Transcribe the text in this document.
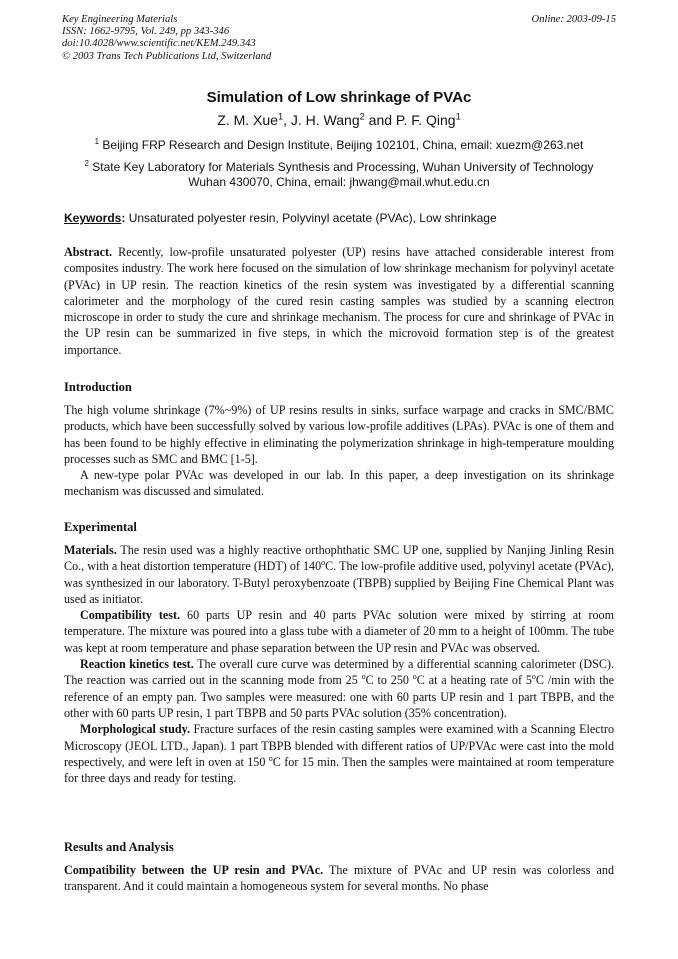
Key Engineering Materials
ISSN: 1662-9795, Vol. 249, pp 343-346
doi:10.4028/www.scientific.net/KEM.249.343
© 2003 Trans Tech Publications Ltd, Switzerland
Online: 2003-09-15
Simulation of Low shrinkage of PVAc
Z. M. Xue$^1$, J. H. Wang$^2$ and P. F. Qing$^1$
$^1$ Beijing FRP Research and Design Institute, Beijing 102101, China, email: xuezm@263.net
$^2$ State Key Laboratory for Materials Synthesis and Processing, Wuhan University of Technology
Wuhan 430070, China, email: jhwang@mail.whut.edu.cn
Keywords: Unsaturated polyester resin, Polyvinyl acetate (PVAc), Low shrinkage

Abstract. Recently, low-profile unsaturated polyester (UP) resins have attached considerable interest from composites industry. The work here focused on the simulation of low shrinkage mechanism for polyvinyl acetate (PVAc) in UP resin. The reaction kinetics of the resin system was investigated by a differential scanning calorimeter and the morphology of the cured resin casting samples was studied by a scanning electron microscope in order to study the cure and shrinkage mechanism. The process for cure and shrinkage of PVAc in the UP resin can be summarized in five steps, in which the microvoid formation step is of the greatest importance.

Introduction

The high volume shrinkage (7%~9%) of UP resins results in sinks, surface warpage and cracks in SMC/BMC products, which have been successfully solved by various low-profile additives (LPAs). PVAc is one of them and has been found to be highly effective in eliminating the polymerization shrinkage in high-temperature moulding processes such as SMC and BMC [1-5].

A new-type polar PVAc was developed in our lab. In this paper, a deep investigation on its shrinkage mechanism was discussed and simulated.

Experimental

Materials. The resin used was a highly reactive orthophthatic SMC UP one, supplied by Nanjing Jinling Resin Co., with a heat distortion temperature (HDT) of 140$^o$C. The low-profile additive used, polyvinyl acetate (PVAc), was synthesized in our laboratory. T-Butyl peroxybenzoate (TBPB) supplied by Beijing Fine Chemical Plant was used as initiator.

Compatibility test. 60 parts UP resin and 40 parts PVAc solution were mixed by stirring at room temperature. The mixture was poured into a glass tube with a diameter of 20 mm to a height of 100mm. The tube was kept at room temperature and phase separation between the UP resin and PVAc was observed.

Reaction kinetics test. The overall cure curve was determined by a differential scanning calorimeter (DSC). The reaction was carried out in the scanning mode from 25 $^o$C to 250 $^o$C at a heating rate of 5$^o$C /min with the reference of an empty pan. Two samples were measured: one with 60 parts UP resin and 1 part TBPB, and the other with 60 parts UP resin, 1 part TBPB and 50 parts PVAc solution (35% concentration).

Morphological study. Fracture surfaces of the resin casting samples were examined with a Scanning Electro Microscopy (JEOL LTD., Japan). 1 part TBPB blended with different ratios of UP/PVAc were cast into the mold respectively, and were left in oven at 150 $^o$C for 15 min. Then the samples were maintained at room temperature for three days and ready for testing.

Results and Analysis

Compatibility between the UP resin and PVAc. The mixture of PVAc and UP resin was colorless and transparent. And it could maintain a homogeneous system for several months. No phase
